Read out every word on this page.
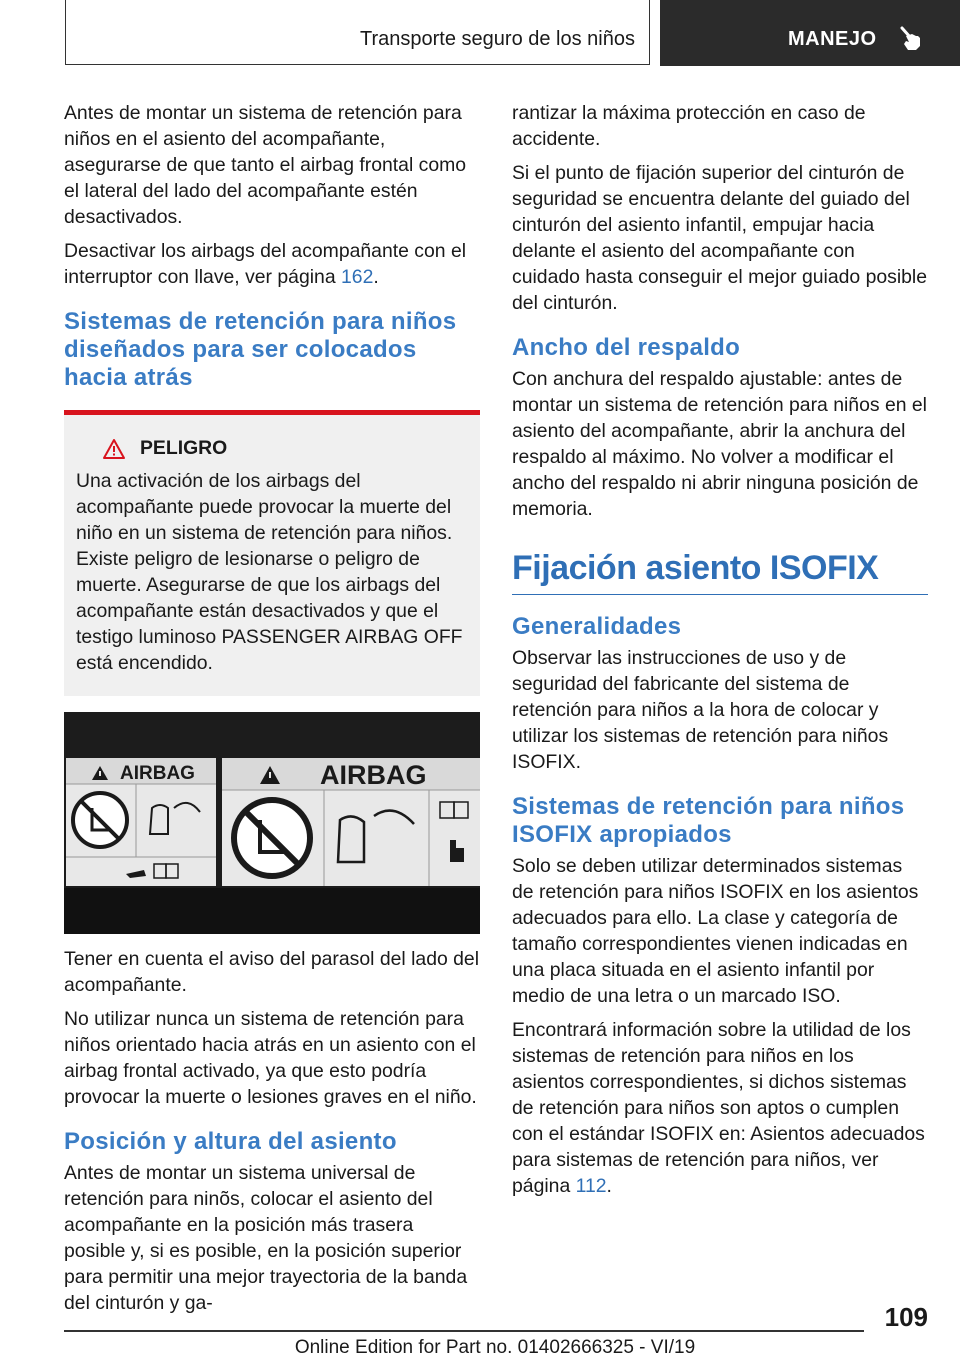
Transporte seguro de los niños	MANEJO

Antes de montar un sistema de retención para niños en el asiento del acompañante, asegurarse de que tanto el airbag frontal como el lateral del lado del acompañante estén desactivados.

Desactivar los airbags del acompañante con el interruptor con llave, ver página 162.

Sistemas de retención para niños diseñados para ser colocados hacia atrás
PELIGRO

Una activación de los airbags del acompañante puede provocar la muerte del niño en un sistema de retención para niños. Existe peligro de lesionarse o peligro de muerte. Asegurarse de que los airbags del acompañante están desactivados y que el testigo luminoso PASSENGER AIRBAG OFF está encendido.

AIRBAG	AIRBAG

Tener en cuenta el aviso del parasol del lado del acompañante.

No utilizar nunca un sistema de retención para niños orientado hacia atrás en un asiento con el airbag frontal activado, ya que esto podría provocar la muerte o lesiones graves en el niño.

Posición y altura del asiento

Antes de montar un sistema universal de retención para ninõs, colocar el asiento del acompañante en la posición más trasera posible y, si es posible, en la posición superior para permitir una mejor trayectoria de la banda del cinturón y ga-

rantizar la máxima protección en caso de accidente.

Si el punto de fijación superior del cinturón de seguridad se encuentra delante del guiado del cinturón del asiento infantil, empujar hacia delante el asiento del acompañante con cuidado hasta conseguir el mejor guiado posible del cinturón.

Ancho del respaldo

Con anchura del respaldo ajustable: antes de montar un sistema de retención para niños en el asiento del acompañante, abrir la anchura del respaldo al máximo. No volver a modificar el ancho del respaldo ni abrir ninguna posición de memoria.

Fijación asiento ISOFIX
Generalidades

Observar las instrucciones de uso y de seguridad del fabricante del sistema de retención para niños a la hora de colocar y utilizar los sistemas de retención para niños ISOFIX.

Sistemas de retención para niños ISOFIX apropiados

Solo se deben utilizar determinados sistemas de retención para niños ISOFIX en los asientos adecuados para ello. La clase y categoría de tamaño correspondientes vienen indicadas en una placa situada en el asiento infantil por medio de una letra o un marcado ISO.

Encontrará información sobre la utilidad de los sistemas de retención para niños en los asientos correspondientes, si dichos sistemas de retención para niños son aptos o cumplen con el estándar ISOFIX en: Asientos adecuados para sistemas de retención para niños, ver página 112.

109
Online Edition for Part no. 01402666325 - VI/19
